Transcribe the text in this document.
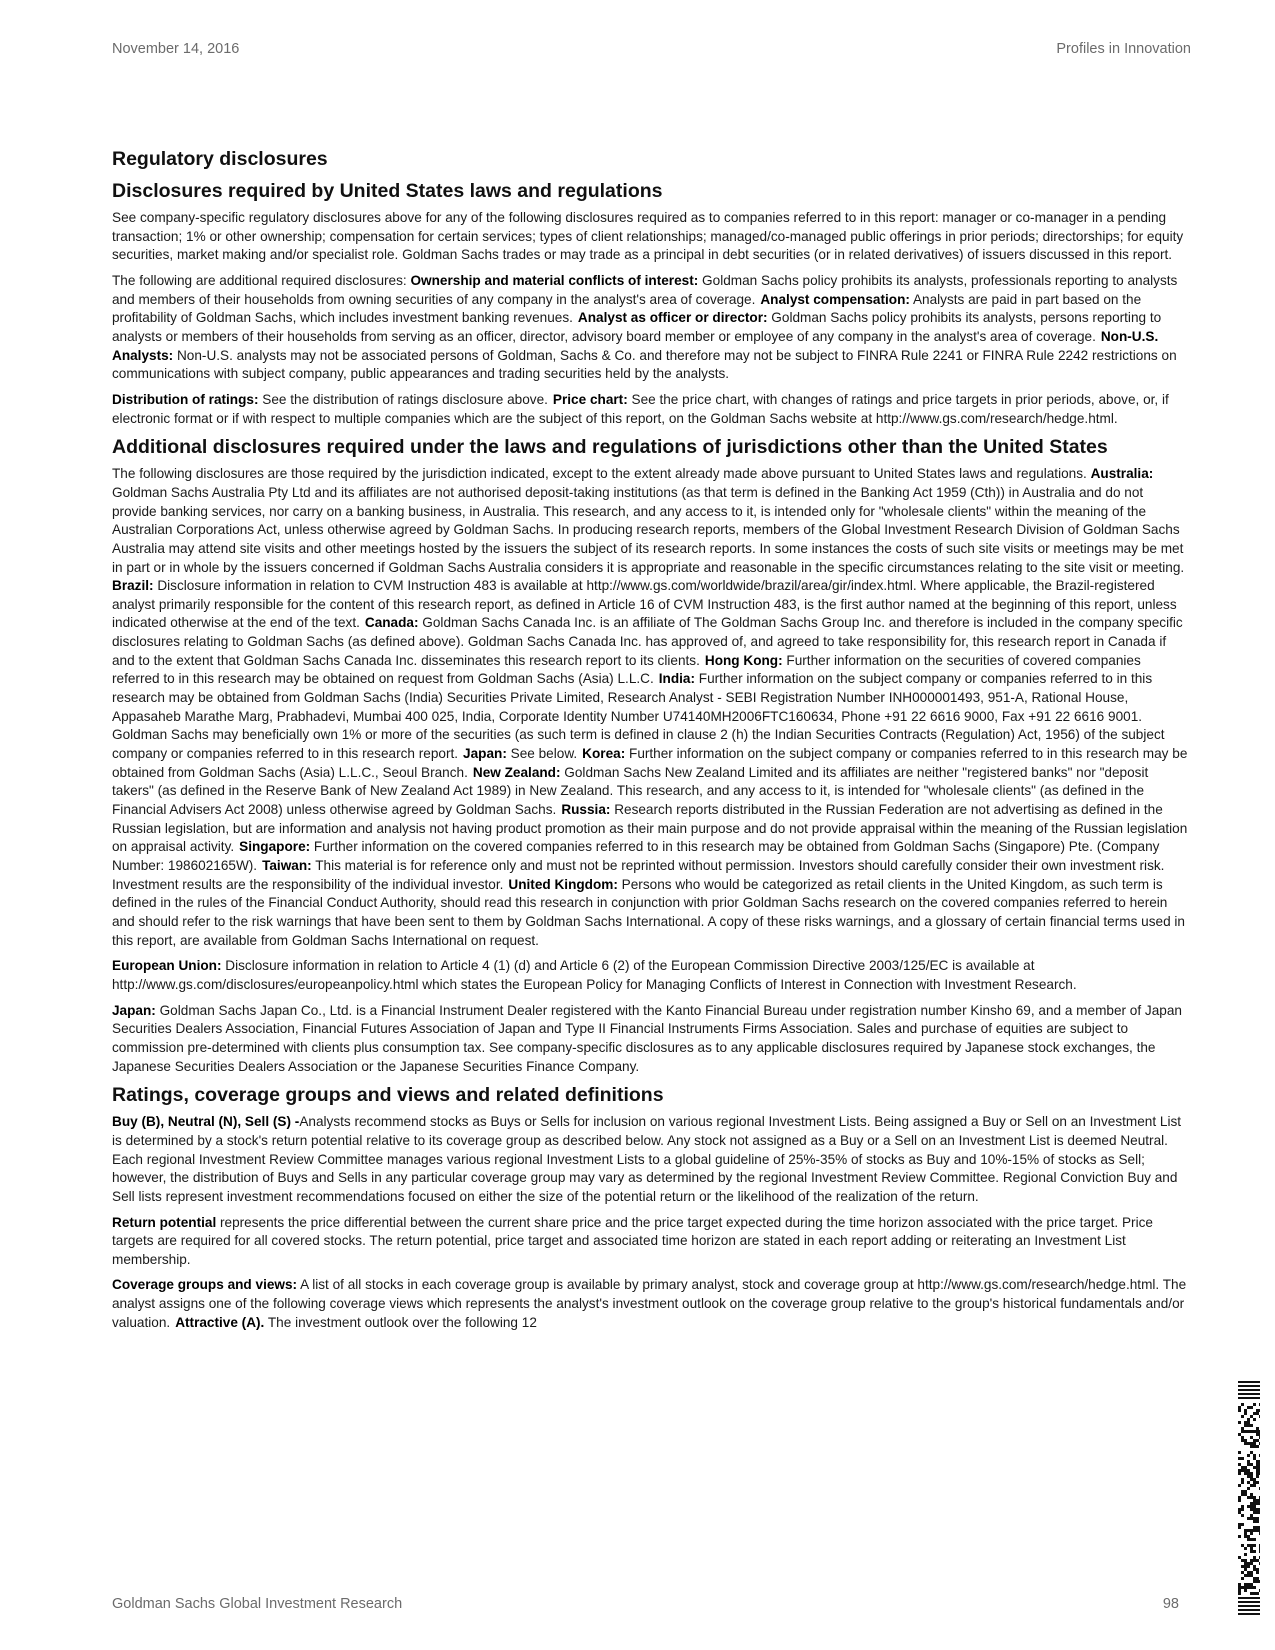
November 14, 2016	Profiles in Innovation
Regulatory disclosures
Disclosures required by United States laws and regulations

See company-specific regulatory disclosures above for any of the following disclosures required as to companies referred to in this report: manager or co-manager in a pending transaction; 1% or other ownership; compensation for certain services; types of client relationships; managed/co-managed public offerings in prior periods; directorships; for equity securities, market making and/or specialist role. Goldman Sachs trades or may trade as a principal in debt securities (or in related derivatives) of issuers discussed in this report.

The following are additional required disclosures: Ownership and material conflicts of interest: Goldman Sachs policy prohibits its analysts, professionals reporting to analysts and members of their households from owning securities of any company in the analyst's area of coverage. Analyst compensation: Analysts are paid in part based on the profitability of Goldman Sachs, which includes investment banking revenues. Analyst as officer or director: Goldman Sachs policy prohibits its analysts, persons reporting to analysts or members of their households from serving as an officer, director, advisory board member or employee of any company in the analyst's area of coverage. Non-U.S. Analysts: Non-U.S. analysts may not be associated persons of Goldman, Sachs & Co. and therefore may not be subject to FINRA Rule 2241 or FINRA Rule 2242 restrictions on communications with subject company, public appearances and trading securities held by the analysts.

Distribution of ratings: See the distribution of ratings disclosure above. Price chart: See the price chart, with changes of ratings and price targets in prior periods, above, or, if electronic format or if with respect to multiple companies which are the subject of this report, on the Goldman Sachs website at http://www.gs.com/research/hedge.html.

Additional disclosures required under the laws and regulations of jurisdictions other than the United States

The following disclosures are those required by the jurisdiction indicated, except to the extent already made above pursuant to United States laws and regulations. Australia: Goldman Sachs Australia Pty Ltd and its affiliates are not authorised deposit-taking institutions (as that term is defined in the Banking Act 1959 (Cth)) in Australia and do not provide banking services, nor carry on a banking business, in Australia. This research, and any access to it, is intended only for "wholesale clients" within the meaning of the Australian Corporations Act, unless otherwise agreed by Goldman Sachs. In producing research reports, members of the Global Investment Research Division of Goldman Sachs Australia may attend site visits and other meetings hosted by the issuers the subject of its research reports. In some instances the costs of such site visits or meetings may be met in part or in whole by the issuers concerned if Goldman Sachs Australia considers it is appropriate and reasonable in the specific circumstances relating to the site visit or meeting.Brazil: Disclosure information in relation to CVM Instruction 483 is available at http://www.gs.com/worldwide/brazil/area/gir/index.html. Where applicable, the Brazil-registered analyst primarily responsible for the content of this research report, as defined in Article 16 of CVM Instruction 483, is the first author named at the beginning of this report, unless indicated otherwise at the end of the text. Canada: Goldman Sachs Canada Inc. is an affiliate of The Goldman Sachs Group Inc. and therefore is included in the company specific disclosures relating to Goldman Sachs (as defined above). Goldman Sachs Canada Inc. has approved of, and agreed to take responsibility for, this research report in Canada if and to the extent that Goldman Sachs Canada Inc. disseminates this research report to its clients. Hong Kong: Further information on the securities of covered companies referred to in this research may be obtained on request from Goldman Sachs (Asia) L.L.C. India: Further information on the subject company or companies referred to in this research may be obtained from Goldman Sachs (India) Securities Private Limited, Research Analyst - SEBI Registration Number INH000001493, 951-A, Rational House, Appasaheb Marathe Marg, Prabhadevi, Mumbai 400 025, India, Corporate Identity Number U74140MH2006FTC160634, Phone +91 22 6616 9000, Fax +91 22 6616 9001. Goldman Sachs may beneficially own 1% or more of the securities (as such term is defined in clause 2 (h) the Indian Securities Contracts (Regulation) Act, 1956) of the subject company or companies referred to in this research report. Japan: See below. Korea: Further information on the subject company or companies referred to in this research may be obtained from Goldman Sachs (Asia) L.L.C., Seoul Branch. New Zealand: Goldman Sachs New Zealand Limited and its affiliates are neither "registered banks" nor "deposit takers" (as defined in the Reserve Bank of New Zealand Act 1989) in New Zealand. This research, and any access to it, is intended for "wholesale clients" (as defined in the Financial Advisers Act 2008) unless otherwise agreed by Goldman Sachs. Russia: Research reports distributed in the Russian Federation are not advertising as defined in the Russian legislation, but are information and analysis not having product promotion as their main purpose and do not provide appraisal within the meaning of the Russian legislation on appraisal activity. Singapore: Further information on the covered companies referred to in this research may be obtained from Goldman Sachs (Singapore) Pte. (Company Number: 198602165W). Taiwan: This material is for reference only and must not be reprinted without permission. Investors should carefully consider their own investment risk. Investment results are the responsibility of the individual investor. United Kingdom: Persons who would be categorized as retail clients in the United Kingdom, as such term is defined in the rules of the Financial Conduct Authority, should read this research in conjunction with prior Goldman Sachs research on the covered companies referred to herein and should refer to the risk warnings that have been sent to them by Goldman Sachs International. A copy of these risks warnings, and a glossary of certain financial terms used in this report, are available from Goldman Sachs International on request.

European Union: Disclosure information in relation to Article 4 (1) (d) and Article 6 (2) of the European Commission Directive 2003/125/EC is available at http://www.gs.com/disclosures/europeanpolicy.html which states the European Policy for Managing Conflicts of Interest in Connection with Investment Research.

Japan: Goldman Sachs Japan Co., Ltd. is a Financial Instrument Dealer registered with the Kanto Financial Bureau under registration number Kinsho 69, and a member of Japan Securities Dealers Association, Financial Futures Association of Japan and Type II Financial Instruments Firms Association. Sales and purchase of equities are subject to commission pre-determined with clients plus consumption tax. See company-specific disclosures as to any applicable disclosures required by Japanese stock exchanges, the Japanese Securities Dealers Association or the Japanese Securities Finance Company.

Ratings, coverage groups and views and related definitions

Buy (B), Neutral (N), Sell (S) -Analysts recommend stocks as Buys or Sells for inclusion on various regional Investment Lists. Being assigned a Buy or Sell on an Investment List is determined by a stock's return potential relative to its coverage group as described below. Any stock not assigned as a Buy or a Sell on an Investment List is deemed Neutral. Each regional Investment Review Committee manages various regional Investment Lists to a global guideline of 25%-35% of stocks as Buy and 10%-15% of stocks as Sell; however, the distribution of Buys and Sells in any particular coverage group may vary as determined by the regional Investment Review Committee. Regional Conviction Buy and Sell lists represent investment recommendations focused on either the size of the potential return or the likelihood of the realization of the return.

Return potential represents the price differential between the current share price and the price target expected during the time horizon associated with the price target. Price targets are required for all covered stocks. The return potential, price target and associated time horizon are stated in each report adding or reiterating an Investment List membership.

Coverage groups and views: A list of all stocks in each coverage group is available by primary analyst, stock and coverage group at http://www.gs.com/research/hedge.html. The analyst assigns one of the following coverage views which represents the analyst's investment outlook on the coverage group relative to the group's historical fundamentals and/or valuation. Attractive (A). The investment outlook over the following 12

Goldman Sachs Global Investment Research	98
